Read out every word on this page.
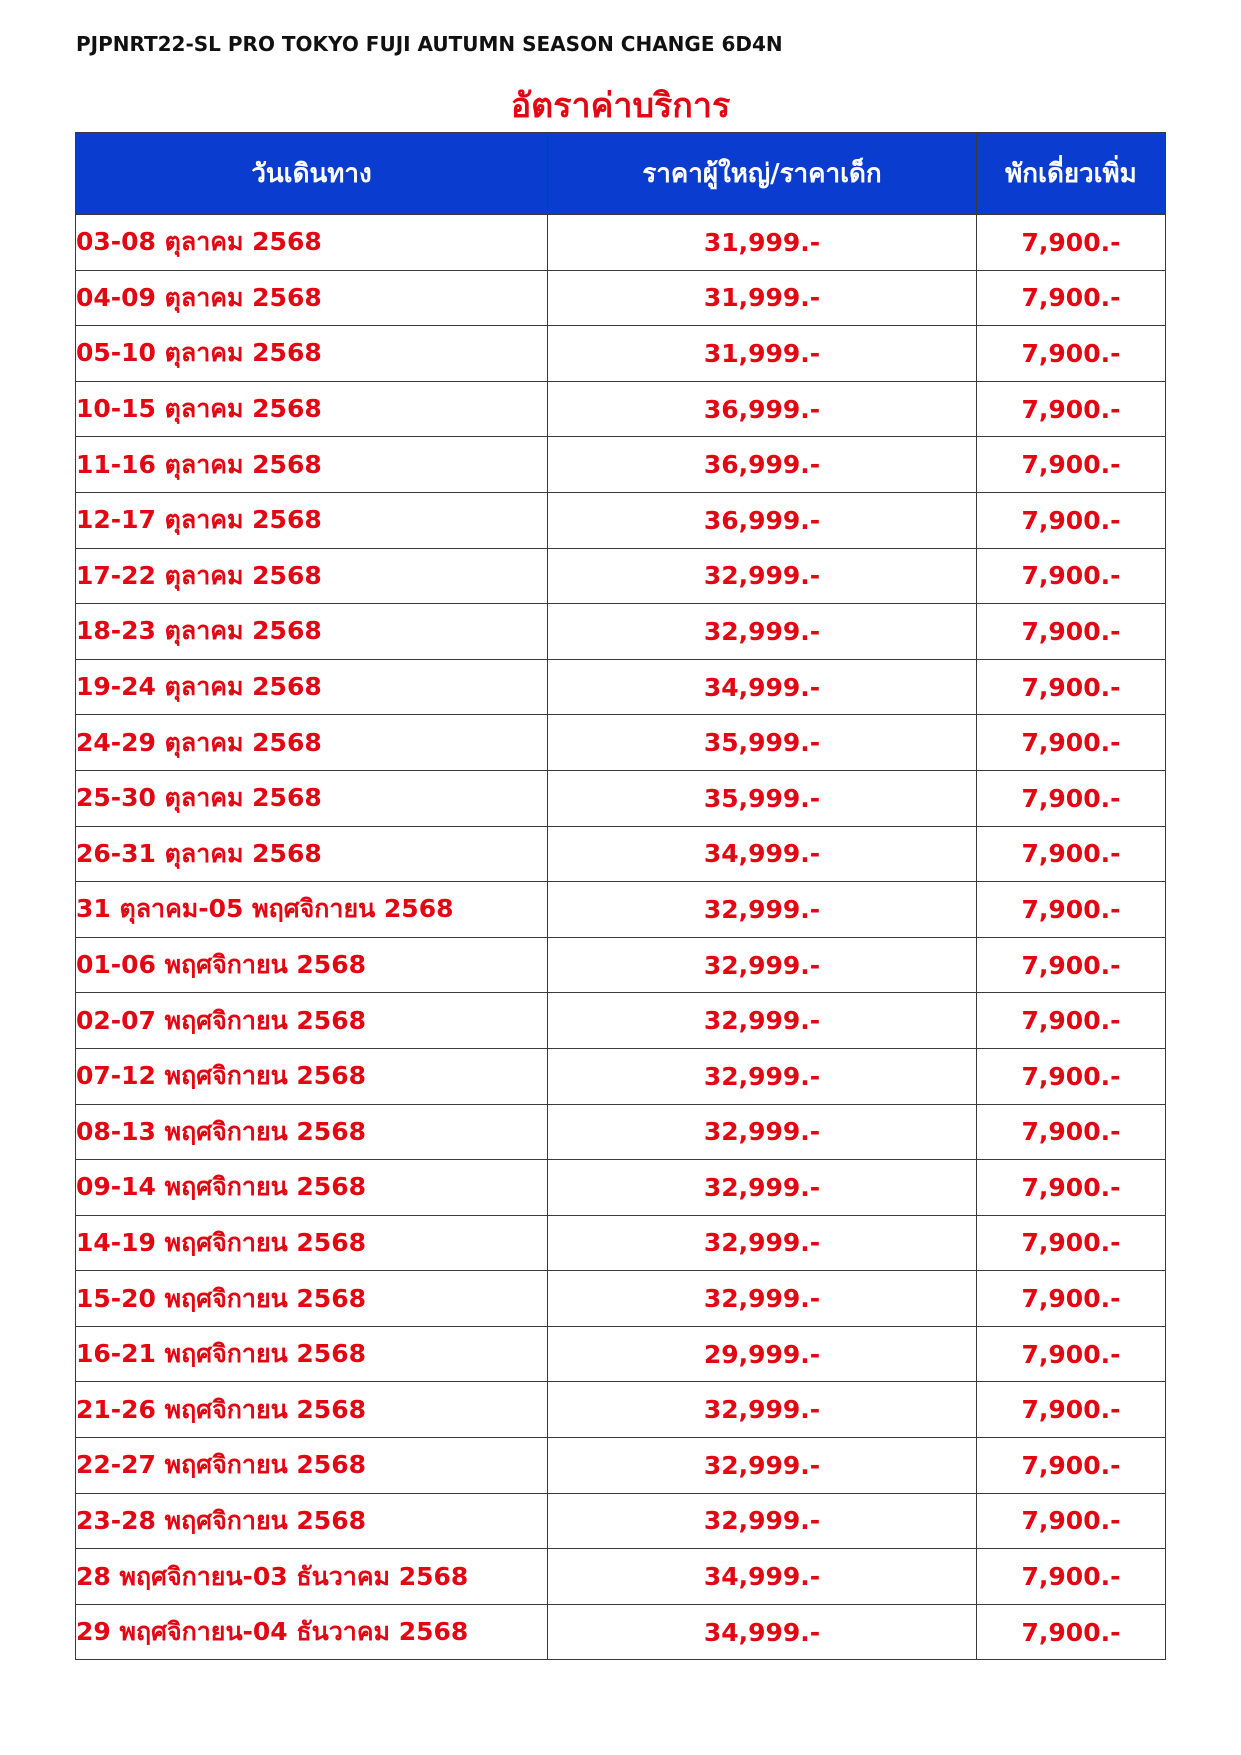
PJPNRT22-SL PRO TOKYO FUJI AUTUMN SEASON CHANGE 6D4N
อัตราค่าบริการ
วันเดินทาง	ราคาผู้ใหญ่/ราคาเด็ก	พักเดี่ยวเพิ่ม
03-08 ตุลาคม 2568	31,999.-	7,900.-
04-09 ตุลาคม 2568	31,999.-	7,900.-
05-10 ตุลาคม 2568	31,999.-	7,900.-
10-15 ตุลาคม 2568	36,999.-	7,900.-
11-16 ตุลาคม 2568	36,999.-	7,900.-
12-17 ตุลาคม 2568	36,999.-	7,900.-
17-22 ตุลาคม 2568	32,999.-	7,900.-
18-23 ตุลาคม 2568	32,999.-	7,900.-
19-24 ตุลาคม 2568	34,999.-	7,900.-
24-29 ตุลาคม 2568	35,999.-	7,900.-
25-30 ตุลาคม 2568	35,999.-	7,900.-
26-31 ตุลาคม 2568	34,999.-	7,900.-
31 ตุลาคม-05 พฤศจิกายน 2568	32,999.-	7,900.-
01-06 พฤศจิกายน 2568	32,999.-	7,900.-
02-07 พฤศจิกายน 2568	32,999.-	7,900.-
07-12 พฤศจิกายน 2568	32,999.-	7,900.-
08-13 พฤศจิกายน 2568	32,999.-	7,900.-
09-14 พฤศจิกายน 2568	32,999.-	7,900.-
14-19 พฤศจิกายน 2568	32,999.-	7,900.-
15-20 พฤศจิกายน 2568	32,999.-	7,900.-
16-21 พฤศจิกายน 2568	29,999.-	7,900.-
21-26 พฤศจิกายน 2568	32,999.-	7,900.-
22-27 พฤศจิกายน 2568	32,999.-	7,900.-
23-28 พฤศจิกายน 2568	32,999.-	7,900.-
28 พฤศจิกายน-03 ธันวาคม 2568	34,999.-	7,900.-
29 พฤศจิกายน-04 ธันวาคม 2568	34,999.-	7,900.-
